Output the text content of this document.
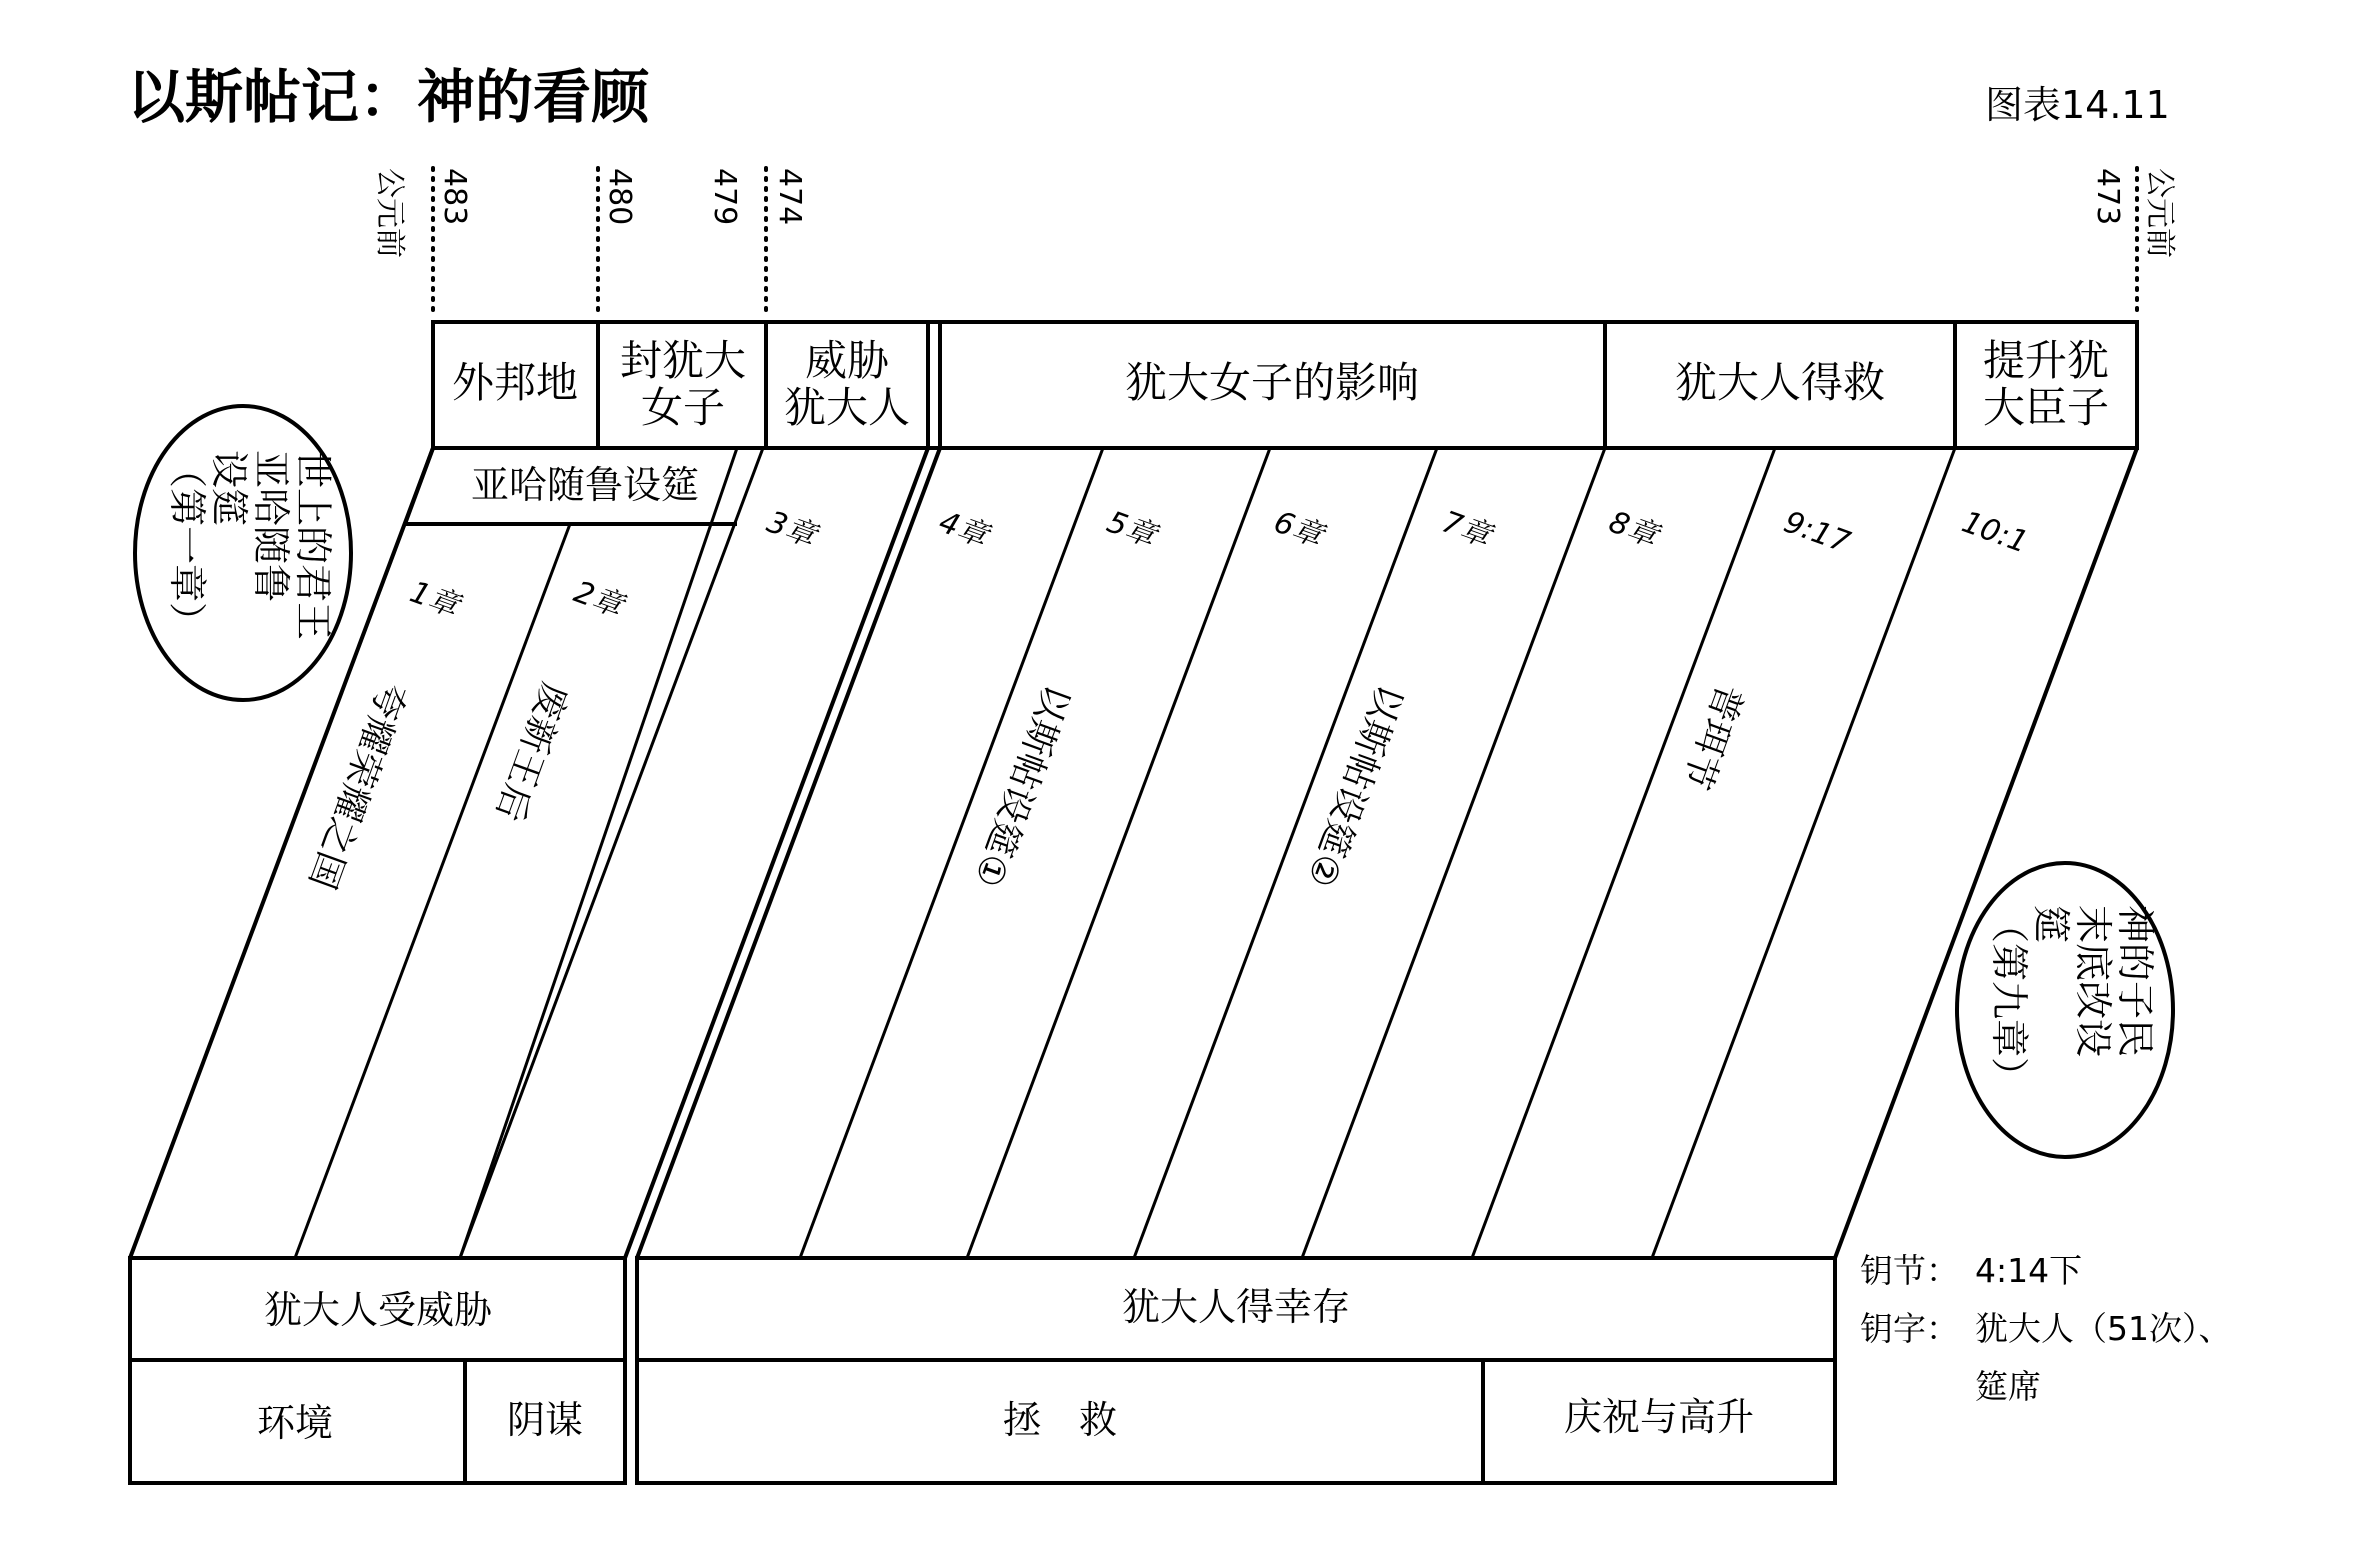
以斯帖记：神的看顾	图表14.11
公元前 483	480 479 474	473 公元前
外邦地 封犹大
女子
威胁
犹大人
犹大女子的影响	犹大人得救 提升犹
大臣子
亚哈随鲁设筵
1章	2章
3章	4章	5章	6章	7章	8章	9:17	10:1
夸耀荣耀之国 废新王后	以斯帖设筵①	以斯帖设筵②	普珥节
世上的君王
亚哈随鲁
设筵
（第一章）
神的子民
末底改设
筵
（第九章）
犹大人受威胁	犹大人得幸存
环境	阴谋	拯　救	庆祝与高升
钥节： 4:14下
钥字： 犹大人（51次）、
筵席
